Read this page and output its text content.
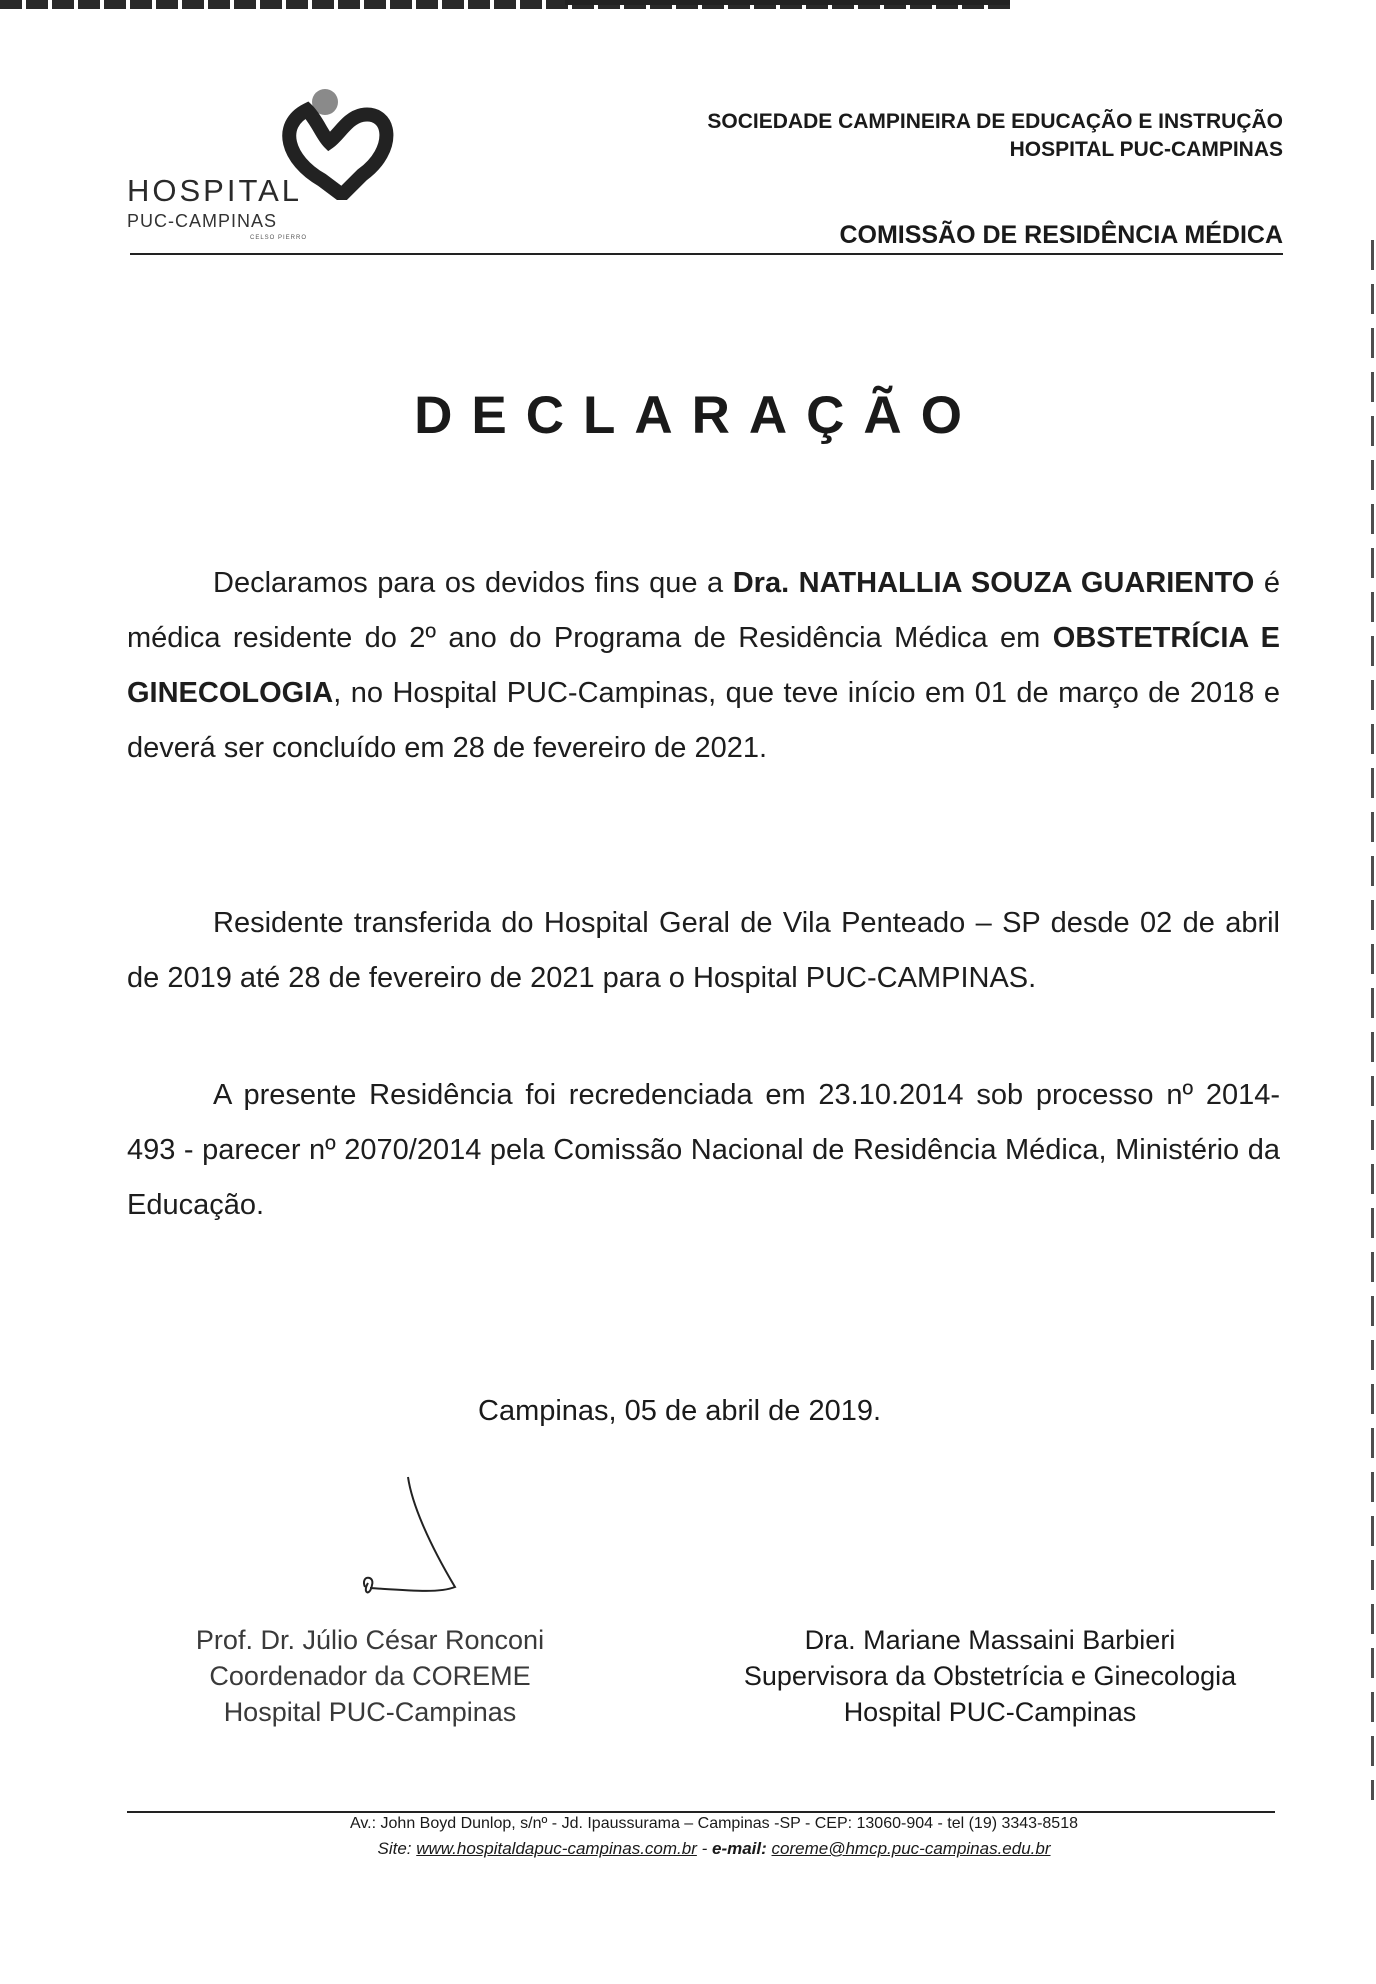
HOSPITAL
PUC-CAMPINAS
CELSO PIERRO
SOCIEDADE CAMPINEIRA DE EDUCAÇÃO E INSTRUÇÃO
HOSPITAL PUC-CAMPINAS
COMISSÃO DE RESIDÊNCIA MÉDICA
DECLARAÇÃO
Declaramos para os devidos fins que a Dra. NATHALLIA SOUZA GUARIENTO é médica residente do 2º ano do Programa de Residência Médica em OBSTETRÍCIA E GINECOLOGIA, no Hospital PUC-Campinas, que teve início em 01 de março de 2018 e deverá ser concluído em 28 de fevereiro de 2021.
Residente transferida do Hospital Geral de Vila Penteado – SP desde 02 de abril de 2019 até 28 de fevereiro de 2021 para o Hospital PUC-CAMPINAS.
A presente Residência foi recredenciada em 23.10.2014 sob processo nº 2014-493 - parecer nº 2070/2014 pela Comissão Nacional de Residência Médica, Ministério da Educação.
Campinas, 05 de abril de 2019.
Prof. Dr. Júlio César Ronconi
Coordenador da COREME
Hospital PUC-Campinas
Dra. Mariane Massaini Barbieri
Supervisora da Obstetrícia e Ginecologia
Hospital PUC-Campinas
Av.: John Boyd Dunlop, s/nº - Jd. Ipaussurama – Campinas -SP - CEP: 13060-904 - tel (19) 3343-8518
Site: www.hospitaldapuc-campinas.com.br - e-mail: coreme@hmcp.puc-campinas.edu.br
